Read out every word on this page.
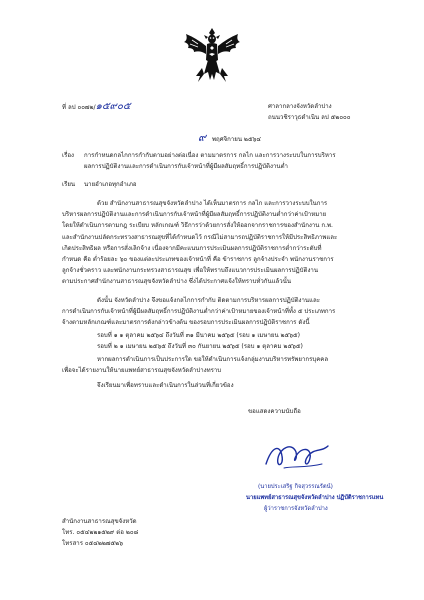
ที่ ลป ๐๐๗๒/๑๕๙๐๕	ศาลากลางจังหวัดลำปาง
ถนนวชิราวุธดำเนิน ลป ๕๒๐๐๐
๙ พฤศจิกายน ๒๕๖๔
เรื่อง การกำหนดกลไกการกำกับตามอย่างต่อเนื่อง ตามมาตรการ กลไก และการวางระบบในการบริหาร
ผลการปฏิบัติงานและการดำเนินการกับเจ้าหน้าที่ผู้มีผลสัมฤทธิ์การปฏิบัติงานต่ำ
เรียน นายอำเภอทุกอำเภอ
ด้วย สำนักงานสาธารณสุขจังหวัดลำปาง ได้เห็นมาตรการ กลไก และการวางระบบในการ
บริหารผลการปฏิบัติงานและการดำเนินการกับเจ้าหน้าที่ผู้มีผลสัมฤทธิ์การปฏิบัติงานต่ำกว่าค่าเป้าหมาย
โดยให้ดำเนินการตามกฎ ระเบียบ หลักเกณฑ์ วิธีการว่าด้วยการสั่งให้ออกจากราชการของสำนักงาน ก.พ.
และสำนักงานปลัดกระทรวงสาธารณสุขที่ได้กำหนดไว้ กรณีไม่สามารถปฏิบัติราชการให้มีประสิทธิภาพและ
เกิดประสิทธิผล หรือการสั่งเลิกจ้าง เนื่องจากมีคะแนนการประเมินผลการปฏิบัติราชการต่ำกว่าระดับที่
กำหนด คือ ต่ำร้อยละ ๖๐ ของแต่ละประเภทของเจ้าหน้าที่ คือ ข้าราชการ ลูกจ้างประจำ พนักงานราชการ
ลูกจ้างชั่วคราว และพนักงานกระทรวงสาธารณสุข เพื่อให้ทราบถึงแนวการประเมินผลการปฏิบัติงาน
ตามประกาศสำนักงานสาธารณสุขจังหวัดลำปาง ซึ่งได้ประกาศแจ้งให้ทราบทั่วกันแล้วนั้น
ดังนั้น จังหวัดลำปาง จึงขอแจ้งกลไกการกำกับ ติดตามการบริหารผลการปฏิบัติงานและ
การดำเนินการกับเจ้าหน้าที่ผู้มีผลสัมฤทธิ์การปฏิบัติงานต่ำกว่าค่าเป้าหมายของเจ้าหน้าที่ทั้ง ๕ ประเภทการ
จ้างตามหลักเกณฑ์และมาตรการดังกล่าวข้างต้น ของรอบการประเมินผลการปฏิบัติราชการ ดังนี้
รอบที่ ๑ ๑ ตุลาคม ๒๕๖๔ ถึงวันที่ ๓๑ มีนาคม ๒๕๖๕ (รอบ ๑ เมษายน ๒๕๖๕)
รอบที่ ๒ ๑ เมษายน ๒๕๖๕ ถึงวันที่ ๓๐ กันยายน ๒๕๖๕ (รอบ ๑ ตุลาคม ๒๕๖๕)
หากผลการดำเนินการเป็นประการใด ขอให้ดำเนินการแจ้งกลุ่มงานบริหารทรัพยากรบุคคล
เพื่อจะได้รายงานให้นายแพทย์สาธารณสุขจังหวัดลำปางทราบ
จึงเรียนมาเพื่อทราบและดำเนินการในส่วนที่เกี่ยวข้อง
ขอแสดงความนับถือ
(นายประเสริฐ กิจสุวรรณรัตน์)
นายแพทย์สาธารณสุขจังหวัดลำปาง ปฏิบัติราชการแทน
ผู้ว่าราชการจังหวัดลำปาง
สำนักงานสาธารณสุขจังหวัด
โทร. ๐๕๔๒๒๑๕๒๙ ต่อ ๒๐๘
โทรสาร ๐๕๔๒๒๗๕๒๖
